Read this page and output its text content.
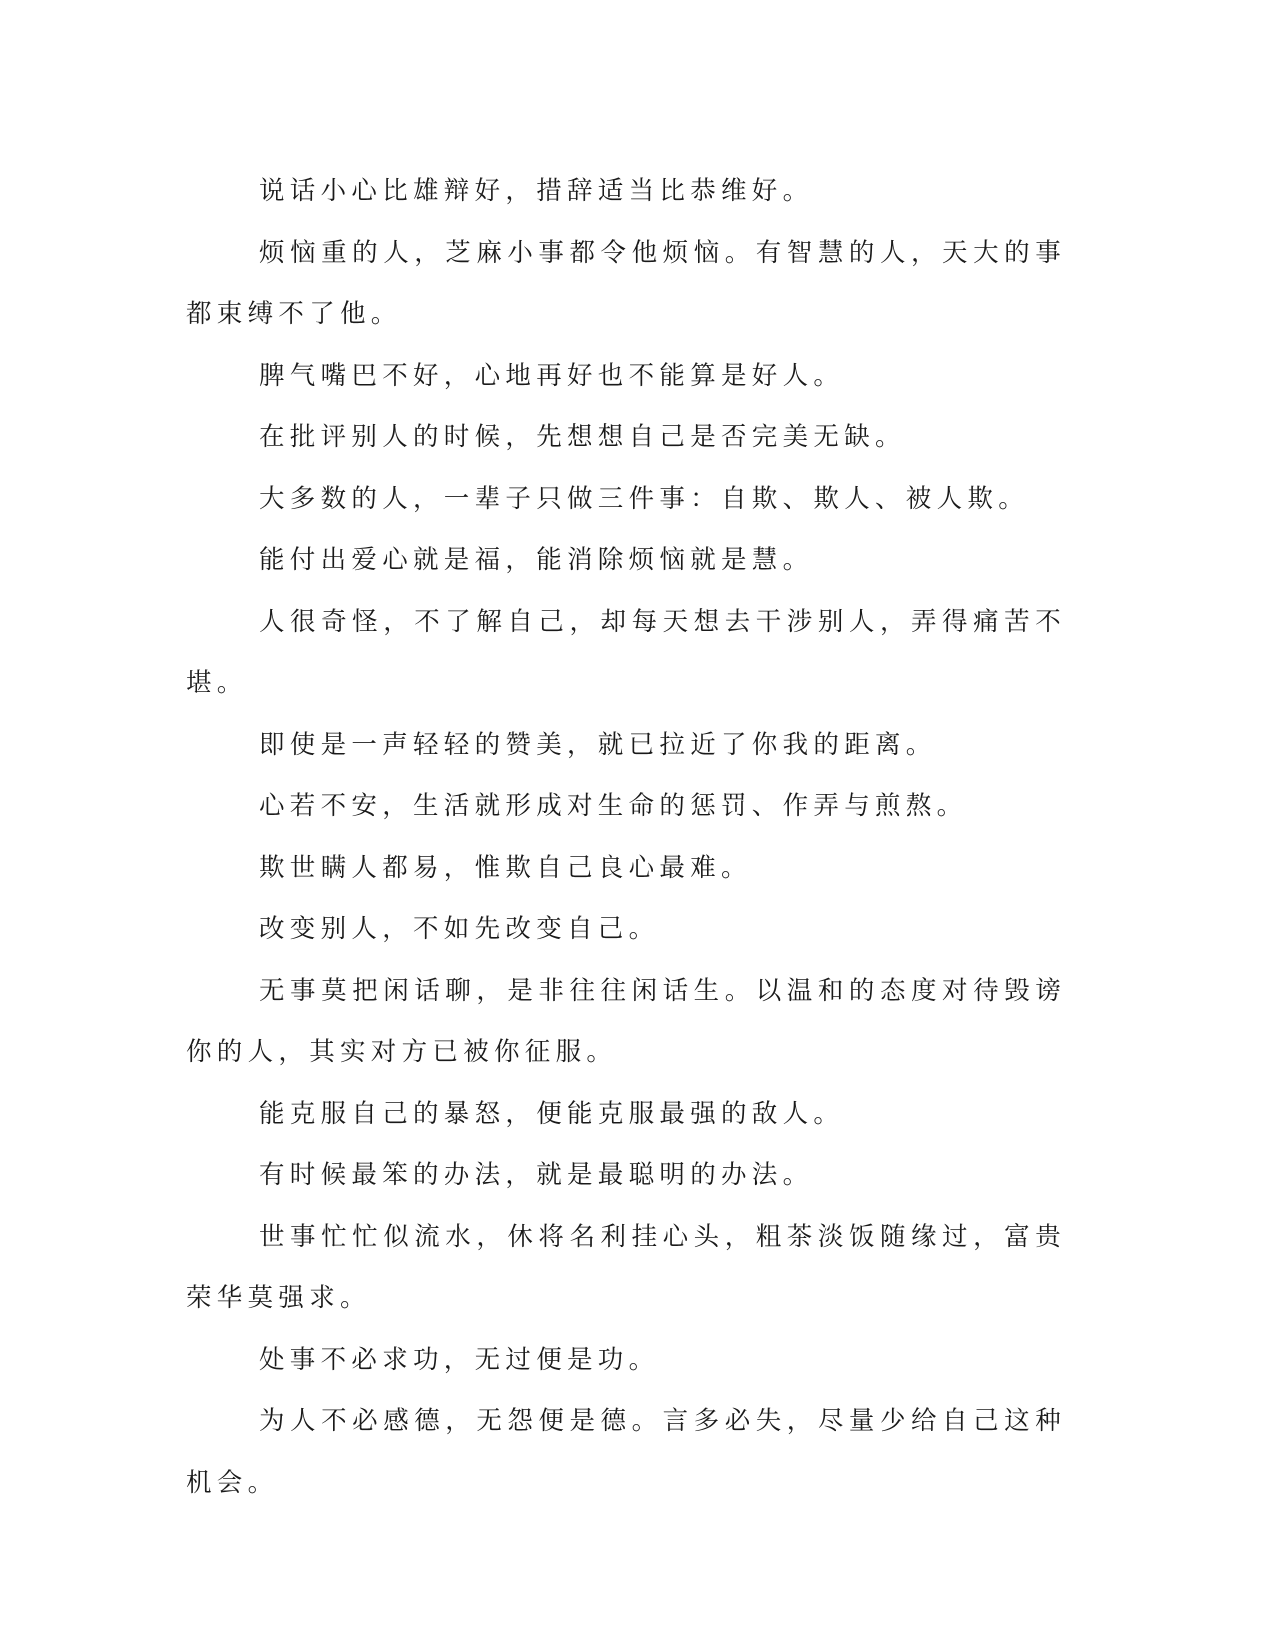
说话小心比雄辩好，措辞适当比恭维好。

烦恼重的人，芝麻小事都令他烦恼。有智慧的人，天大的事都束缚不了他。

脾气嘴巴不好，心地再好也不能算是好人。

在批评别人的时候，先想想自己是否完美无缺。

大多数的人，一辈子只做三件事：自欺、欺人、被人欺。

能付出爱心就是福，能消除烦恼就是慧。

人很奇怪，不了解自己，却每天想去干涉别人，弄得痛苦不堪。

即使是一声轻轻的赞美，就已拉近了你我的距离。

心若不安，生活就形成对生命的惩罚、作弄与煎熬。

欺世瞒人都易，惟欺自己良心最难。

改变别人，不如先改变自己。

无事莫把闲话聊，是非往往闲话生。以温和的态度对待毁谤你的人，其实对方已被你征服。

能克服自己的暴怒，便能克服最强的敌人。

有时候最笨的办法，就是最聪明的办法。

世事忙忙似流水，休将名利挂心头，粗茶淡饭随缘过，富贵荣华莫强求。

处事不必求功，无过便是功。

为人不必感德，无怨便是德。言多必失，尽量少给自己这种机会。
